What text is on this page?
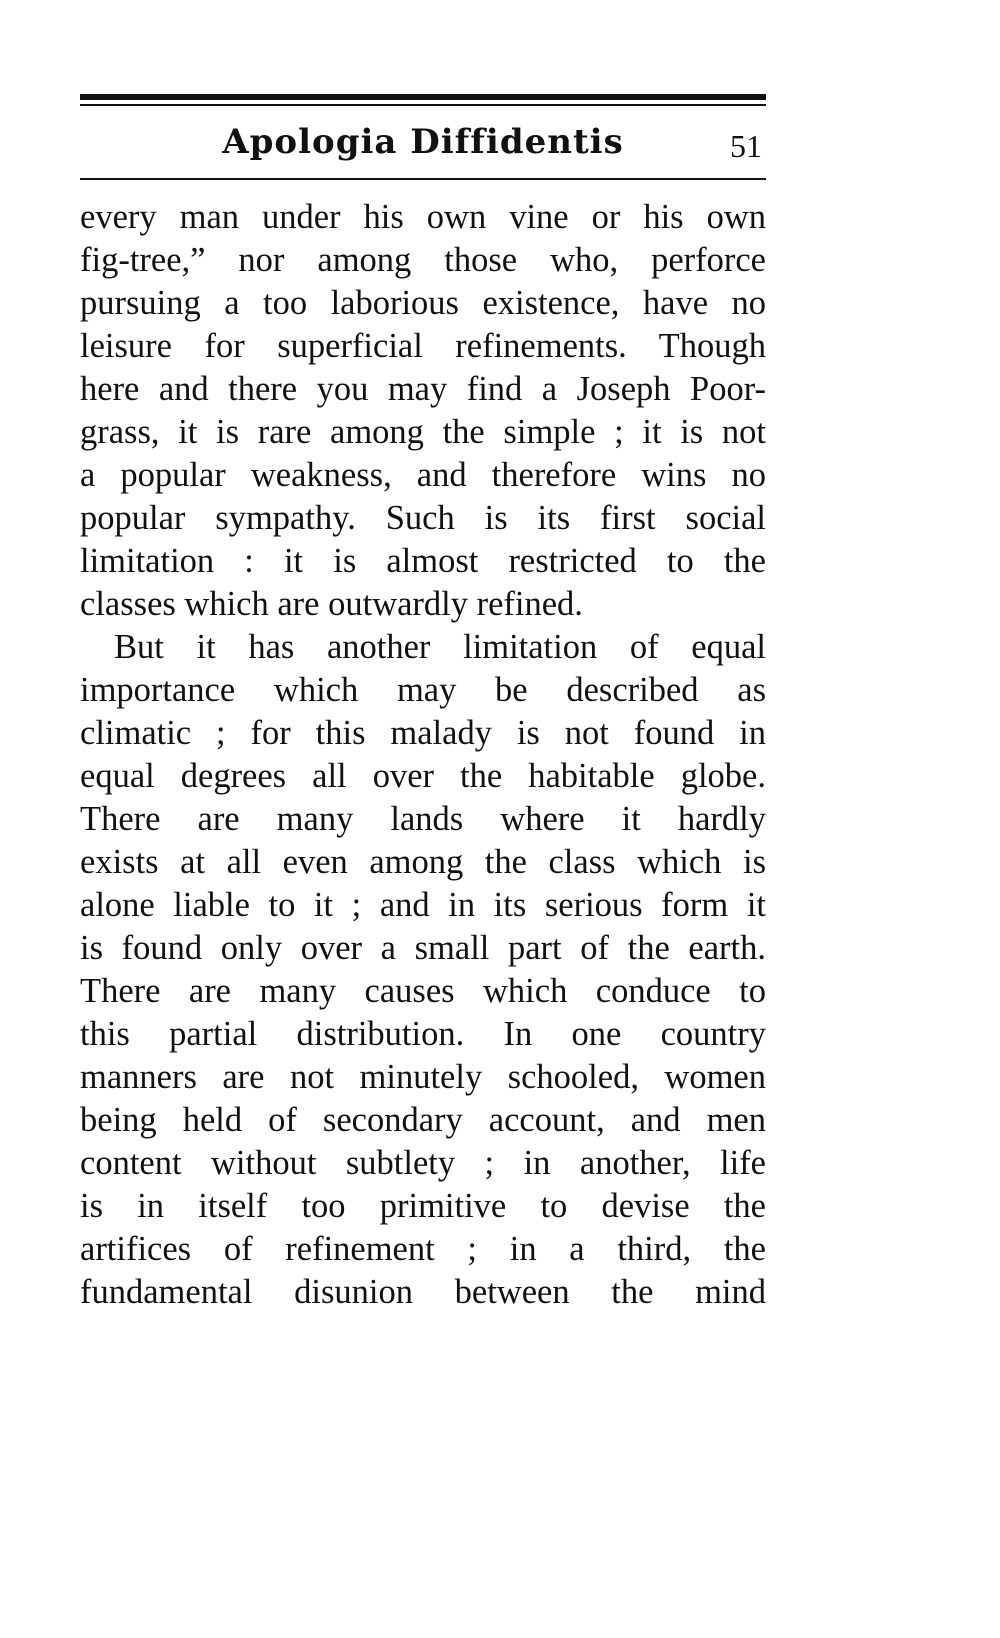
Apologia Diffidentis	51
every man under his own vine or his own
fig-tree,” nor among those who, perforce
pursuing a too laborious existence, have no
leisure for superficial refinements. Though
here and there you may find a Joseph Poor-
grass, it is rare among the simple ; it is not
a popular weakness, and therefore wins no
popular sympathy. Such is its first social
limitation : it is almost restricted to the
classes which are outwardly refined.
But it has another limitation of equal
importance which may be described as
climatic ; for this malady is not found in
equal degrees all over the habitable globe.
There are many lands where it hardly
exists at all even among the class which is
alone liable to it ; and in its serious form it
is found only over a small part of the earth.
There are many causes which conduce to
this partial distribution. In one country
manners are not minutely schooled, women
being held of secondary account, and men
content without subtlety ; in another, life
is in itself too primitive to devise the
artifices of refinement ; in a third, the
fundamental disunion between the mind
